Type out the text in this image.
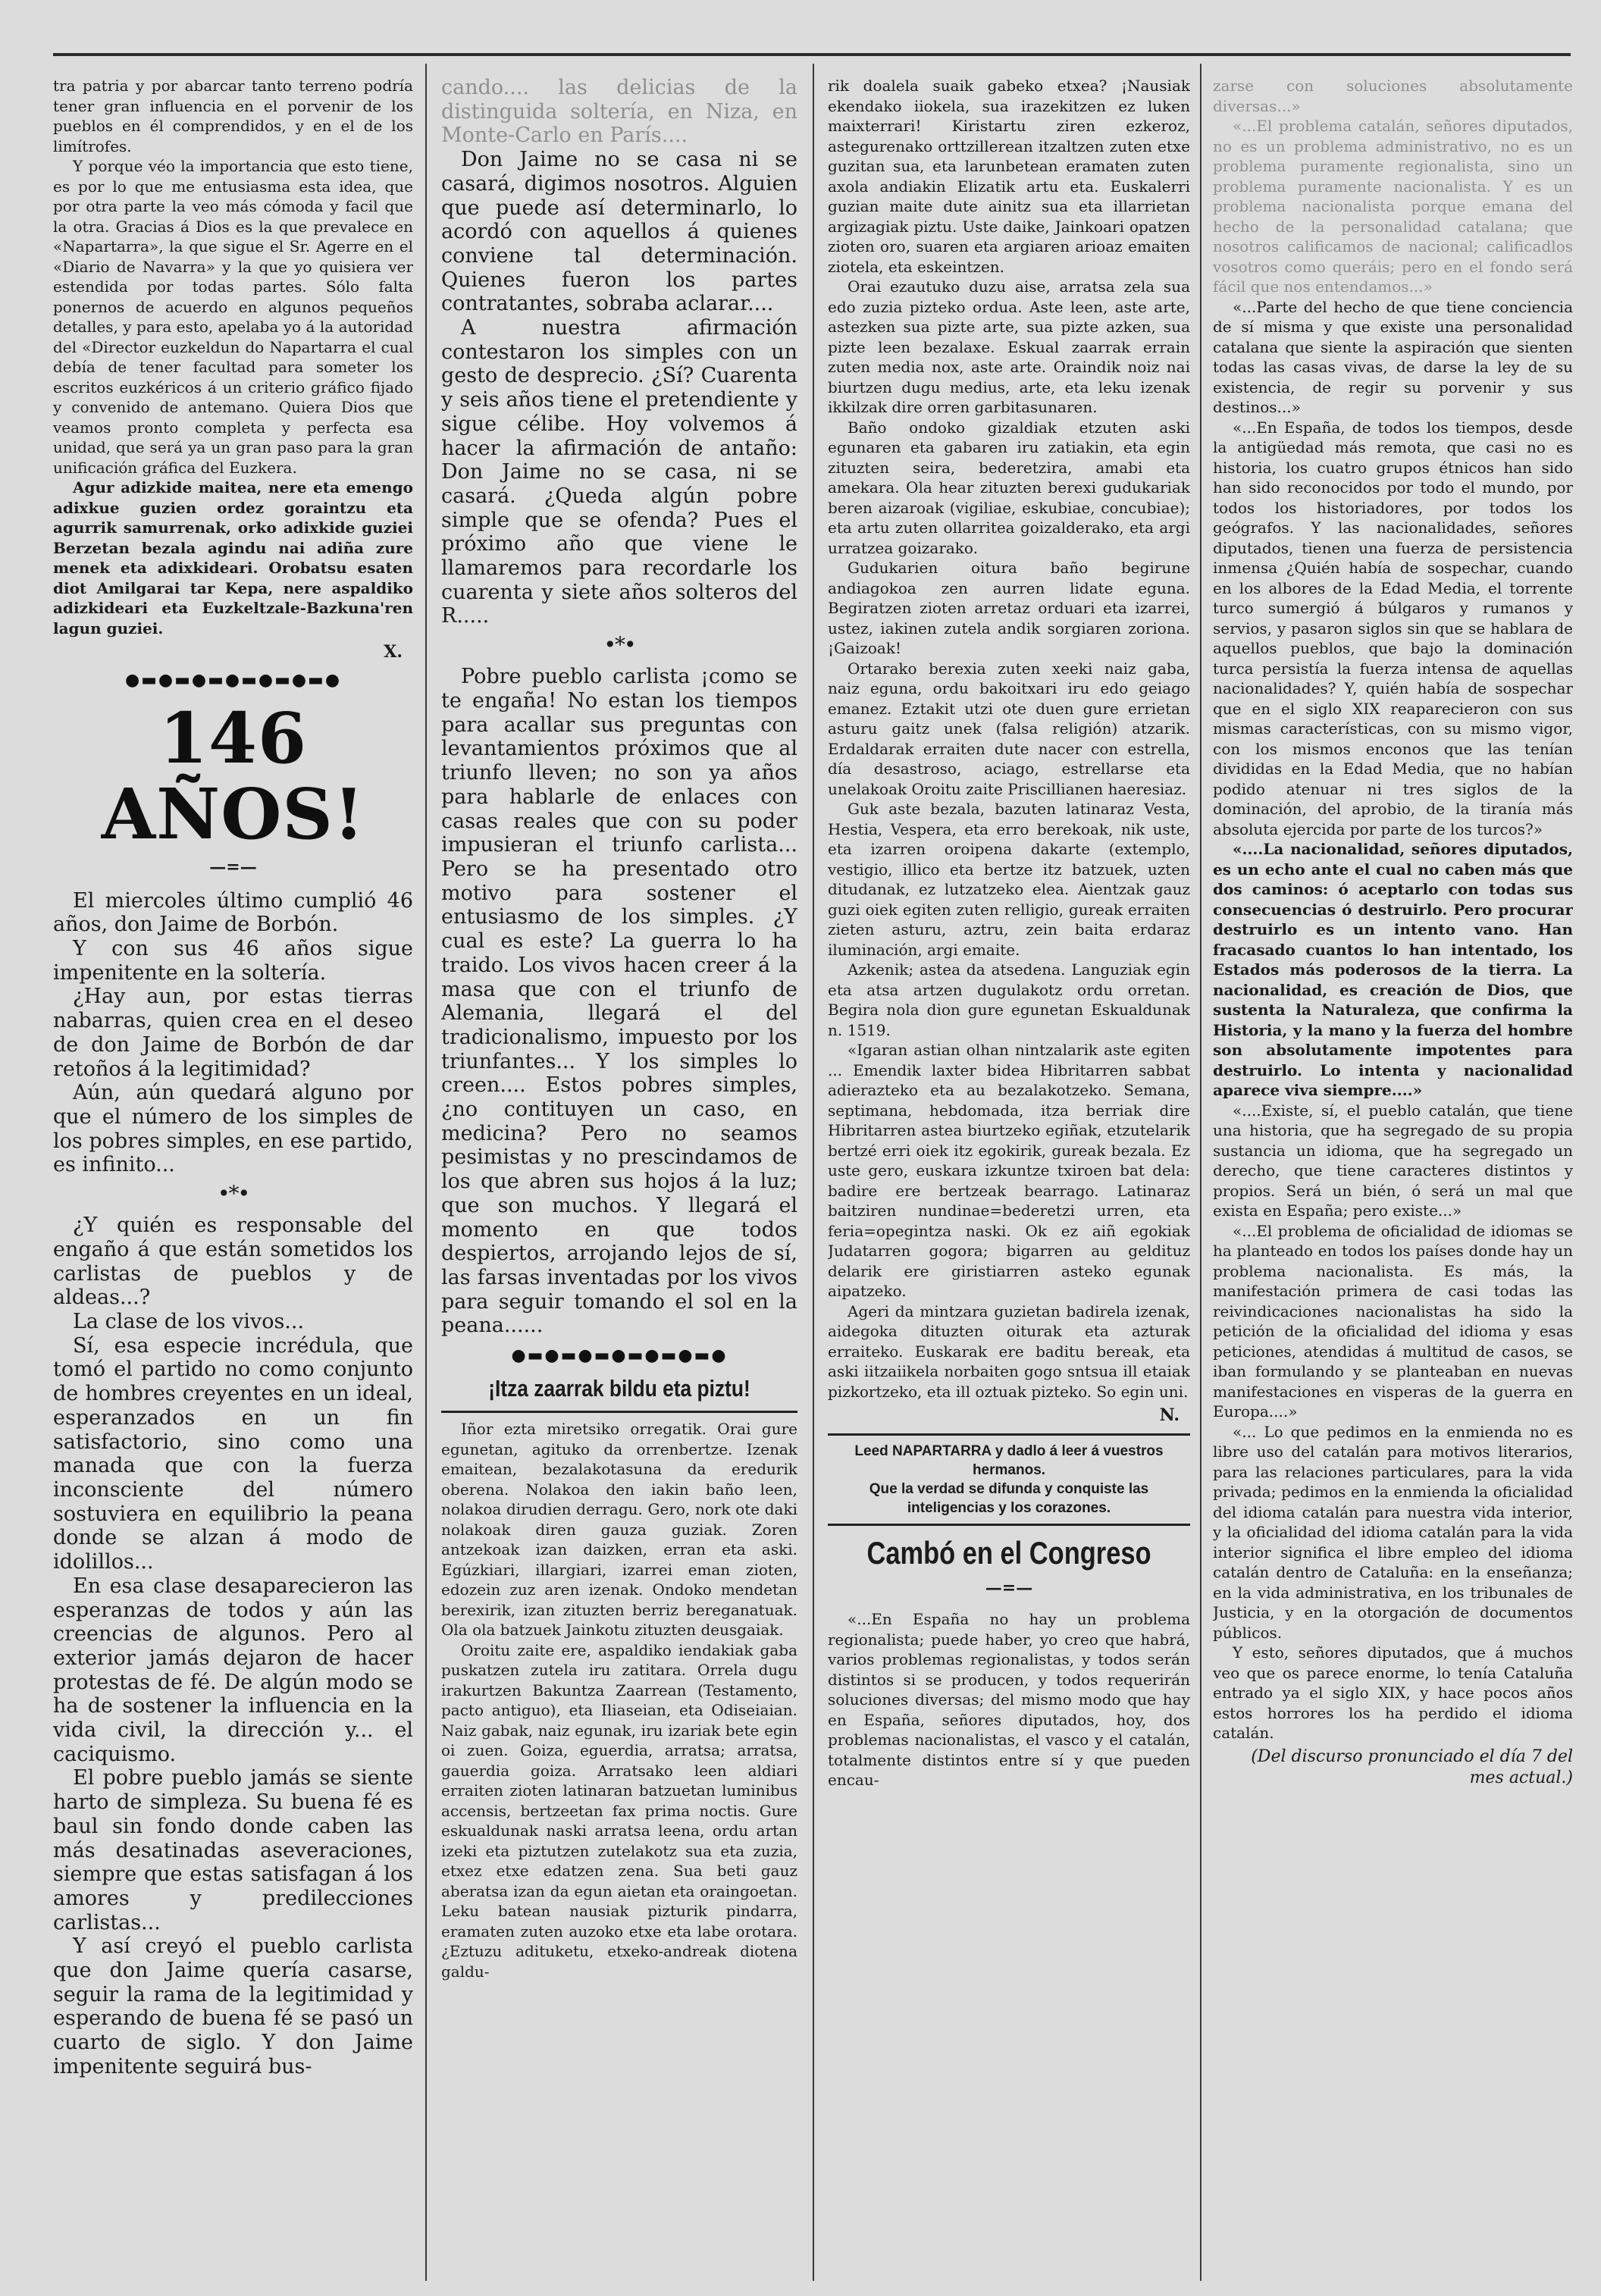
tra patria y por abarcar tanto terreno podría tener gran influencia en el porvenir de los pueblos en él comprendidos, y en el de los limítrofes.

Y porque véo la importancia que esto tiene, es por lo que me entusiasma esta idea, que por otra parte la veo más cómoda y facil que la otra. Gracias á Dios es la que prevalece en «Napartarra», la que sigue el Sr. Agerre en el «Diario de Navarra» y la que yo quisiera ver estendida por todas partes. Sólo falta ponernos de acuerdo en algunos pequeños detalles, y para esto, apelaba yo á la autoridad del «Director euzkeldun do Napartarra el cual debía de tener facultad para someter los escritos euzkéricos á un criterio gráfico fijado y convenido de antemano. Quiera Dios que veamos pronto completa y perfecta esa unidad, que será ya un gran paso para la gran unificación gráfica del Euzkera.

Agur adizkide maitea, nere eta emengo adixkue guzien ordez goraintzu eta agurrik samurrenak, orko adixkide guziei Berzetan bezala agindu nai adiña zure menek eta adixkideari. Orobatsu esaten diot Amilgarai tar Kepa, nere aspaldiko adizkideari eta Euzkeltzale-Bazkuna'ren lagun guziei.

X.
●▬●▬●▬●▬●▬●▬●
146 AÑOS!
—=—

El miercoles último cumplió 46 años, don Jaime de Borbón.

Y con sus 46 años sigue impenitente en la soltería.

¿Hay aun, por estas tierras nabarras, quien crea en el deseo de don Jaime de Borbón de dar retoños á la legitimidad?

Aún, aún quedará alguno por que el número de los simples de los pobres simples, en ese partido, es infinito...

•*•

¿Y quién es responsable del engaño á que están sometidos los carlistas de pueblos y de aldeas...?

La clase de los vivos...

Sí, esa especie incrédula, que tomó el partido no como conjunto de hombres creyentes en un ideal, esperanzados en un fin satisfactorio, sino como una manada que con la fuerza inconsciente del número sostuviera en equilibrio la peana donde se alzan á modo de idolillos...

En esa clase desaparecieron las esperanzas de todos y aún las creencias de algunos. Pero al exterior jamás dejaron de hacer protestas de fé. De algún modo se ha de sostener la influencia en la vida civil, la dirección y... el caciquismo.

El pobre pueblo jamás se siente harto de simpleza. Su buena fé es baul sin fondo donde caben las más desatinadas aseveraciones, siempre que estas satisfagan á los amores y predilecciones carlistas...

Y así creyó el pueblo carlista que don Jaime quería casarse, seguir la rama de la legitimidad y esperando de buena fé se pasó un cuarto de siglo. Y don Jaime impenitente seguirá bus-

cando.... las delicias de la distinguida soltería, en Niza, en Monte-Carlo en París....

Don Jaime no se casa ni se casará, digimos nosotros. Alguien que puede así determinarlo, lo acordó con aquellos á quienes conviene tal determinación. Quienes fueron los partes contratantes, sobraba aclarar....

A nuestra afirmación contestaron los simples con un gesto de desprecio. ¿Sí? Cuarenta y seis años tiene el pretendiente y sigue célibe. Hoy volvemos á hacer la afirmación de antaño: Don Jaime no se casa, ni se casará. ¿Queda algún pobre simple que se ofenda? Pues el próximo año que viene le llamaremos para recordarle los cuarenta y siete años solteros del R.....

•*•

Pobre pueblo carlista ¡como se te engaña! No estan los tiempos para acallar sus preguntas con levantamientos próximos que al triunfo lleven; no son ya años para hablarle de enlaces con casas reales que con su poder impusieran el triunfo carlista... Pero se ha presentado otro motivo para sostener el entusiasmo de los simples. ¿Y cual es este? La guerra lo ha traido. Los vivos hacen creer á la masa que con el triunfo de Alemania, llegará el del tradicionalismo, impuesto por los triunfantes... Y los simples lo creen.... Estos pobres simples, ¿no contituyen un caso, en medicina? Pero no seamos pesimistas y no prescindamos de los que abren sus hojos á la luz; que son muchos. Y llegará el momento en que todos despiertos, arrojando lejos de sí, las farsas inventadas por los vivos para seguir tomando el sol en la peana......

●▬●▬●▬●▬●▬●▬●
¡Itza zaarrak bildu eta piztu!

Iñor ezta miretsiko orregatik. Orai gure egunetan, agituko da orrenbertze. Izenak emaitean, bezalakotasuna da eredurik oberena. Nolakoa den iakin baño leen, nolakoa dirudien derragu. Gero, nork ote daki nolakoak diren gauza guziak. Zoren antzekoak izan daizken, erran eta aski. Egúzkiari, illargiari, izarrei eman zioten, edozein zuz aren izenak. Ondoko mendetan berexirik, izan zituzten berriz bereganatuak. Ola ola batzuek Jainkotu zituzten deusgaiak.

Oroitu zaite ere, aspaldiko iendakiak gaba puskatzen zutela iru zatitara. Orrela dugu irakurtzen Bakuntza Zaarrean (Testamento, pacto antiguo), eta Iliaseian, eta Odiseiaian. Naiz gabak, naiz egunak, iru izariak bete egin oi zuen. Goiza, eguerdia, arratsa; arratsa, gauerdia goiza. Arratsako leen aldiari erraiten zioten latinaran batzuetan luminibus accensis, bertzeetan fax prima noctis. Gure eskualdunak naski arratsa leena, ordu artan izeki eta piztutzen zutelakotz sua eta zuzia, etxez etxe edatzen zena. Sua beti gauz aberatsa izan da egun aietan eta oraingoetan. Leku batean nausiak pizturik pindarra, eramaten zuten auzoko etxe eta labe orotara. ¿Eztuzu adituketu, etxeko-andreak diotena galdu-

rik doalela suaik gabeko etxea? ¡Nausiak ekendako iiokela, sua irazekitzen ez luken maixterrari! Kiristartu ziren ezkeroz, astegurenako orttzillerean itzaltzen zuten etxe guzitan sua, eta larunbetean eramaten zuten axola andiakin Elizatik artu eta. Euskalerri guzian maite dute ainitz sua eta illarrietan argizagiak piztu. Uste daike, Jainkoari opatzen zioten oro, suaren eta argiaren arioaz emaiten ziotela, eta eskeintzen.

Orai ezautuko duzu aise, arratsa zela sua edo zuzia pizteko ordua. Aste leen, aste arte, astezken sua pizte arte, sua pizte azken, sua pizte leen bezalaxe. Eskual zaarrak errain zuten media nox, aste arte. Oraindik noiz nai biurtzen dugu medius, arte, eta leku izenak ikkilzak dire orren garbitasunaren.

Baño ondoko gizaldiak etzuten aski egunaren eta gabaren iru zatiakin, eta egin zituzten seira, bederetzira, amabi eta amekara. Ola hear zituzten berexi gudukariak beren aizaroak (vigiliae, eskubiae, concubiae); eta artu zuten ollarritea goizalderako, eta argi urratzea goizarako.

Gudukarien oitura baño begirune andiagokoa zen aurren lidate eguna. Begiratzen zioten arretaz orduari eta izarrei, ustez, iakinen zutela andik sorgiaren zoriona. ¡Gaizoak!

Ortarako berexia zuten xeeki naiz gaba, naiz eguna, ordu bakoitxari iru edo geiago emanez. Eztakit utzi ote duen gure errietan asturu gaitz unek (falsa religión) atzarik. Erdaldarak erraiten dute nacer con estrella, día desastroso, aciago, estrellarse eta unelakoak Oroitu zaite Priscillianen haeresiaz.

Guk aste bezala, bazuten latinaraz Vesta, Hestia, Vespera, eta erro berekoak, nik uste, eta izarren oroipena dakarte (extemplo, vestigio, illico eta bertze itz batzuek, uzten ditudanak, ez lutzatzeko elea. Aientzak gauz guzi oiek egiten zuten relligio, gureak erraiten zieten asturu, aztru, zein baita erdaraz iluminación, argi emaite.

Azkenik; astea da atsedena. Languziak egin eta atsa artzen dugulakotz ordu orretan. Begira nola dion gure egunetan Eskualdunak n. 1519.

«Igaran astian olhan nintzalarik aste egiten ... Emendik laxter bidea Hibritarren sabbat adierazteko eta au bezalakotzeko. Semana, septimana, hebdomada, itza berriak dire Hibritarren astea biurtzeko egiñak, etzutelarik bertzé erri oiek itz egokirik, gureak bezala. Ez uste gero, euskara izkuntze txiroen bat dela: badire ere bertzeak bearrago. Latinaraz baitziren nundinae=bederetzi urren, eta feria=opegintza naski. Ok ez aiñ egokiak Judatarren gogora; bigarren au geldituz delarik ere giristiarren asteko egunak aipatzeko.

Ageri da mintzara guzietan badirela izenak, aidegoka dituzten oiturak eta azturak erraiteko. Euskarak ere baditu bereak, eta aski iitzaiikela norbaiten gogo sntsua ill etaiak pizkortzeko, eta ill oztuak pizteko. So egin uni.

N.

Leed NAPARTARRA y dadlo á leer á vuestros hermanos.

Que la verdad se difunda y conquiste las inteligencias y los corazones.

Cambó en el Congreso
—=—

«...En España no hay un problema regionalista; puede haber, yo creo que habrá, varios problemas regionalistas, y todos serán distintos si se producen, y todos requerirán soluciones diversas; del mismo modo que hay en España, señores diputados, hoy, dos problemas nacionalistas, el vasco y el catalán, totalmente distintos entre sí y que pueden encau-

zarse con soluciones absolutamente diversas...»

«...El problema catalán, señores diputados, no es un problema administrativo, no es un problema puramente regionalista, sino un problema puramente nacionalista. Y es un problema nacionalista porque emana del hecho de la personalidad catalana; que nosotros calificamos de nacional; calificadlos vosotros como queráis; pero en el fondo será fácil que nos entendamos...»

«...Parte del hecho de que tiene conciencia de sí misma y que existe una personalidad catalana que siente la aspiración que sienten todas las casas vivas, de darse la ley de su existencia, de regir su porvenir y sus destinos...»

«...En España, de todos los tiempos, desde la antigüedad más remota, que casi no es historia, los cuatro grupos étnicos han sido han sido reconocidos por todo el mundo, por todos los historiadores, por todos los geógrafos. Y las nacionalidades, señores diputados, tienen una fuerza de persistencia inmensa ¿Quién había de sospechar, cuando en los albores de la Edad Media, el torrente turco sumergió á búlgaros y rumanos y servios, y pasaron siglos sin que se hablara de aquellos pueblos, que bajo la dominación turca persistía la fuerza intensa de aquellas nacionalidades? Y, quién había de sospechar que en el siglo XIX reaparecieron con sus mismas características, con su mismo vigor, con los mismos enconos que las tenían divididas en la Edad Media, que no habían podido atenuar ni tres siglos de la dominación, del aprobio, de la tiranía más absoluta ejercida por parte de los turcos?»

«....La nacionalidad, señores diputados, es un echo ante el cual no caben más que dos caminos: ó aceptarlo con todas sus consecuencias ó destruirlo. Pero procurar destruirlo es un intento vano. Han fracasado cuantos lo han intentado, los Estados más poderosos de la tierra. La nacionalidad, es creación de Dios, que sustenta la Naturaleza, que confirma la Historia, y la mano y la fuerza del hombre son absolutamente impotentes para destruirlo. Lo intenta y nacionalidad aparece viva siempre....»

«....Existe, sí, el pueblo catalán, que tiene una historia, que ha segregado de su propia sustancia un idioma, que ha segregado un derecho, que tiene caracteres distintos y propios. Será un bién, ó será un mal que exista en España; pero existe...»

«...El problema de oficialidad de idiomas se ha planteado en todos los países donde hay un problema nacionalista. Es más, la manifestación primera de casi todas las reivindicaciones nacionalistas ha sido la petición de la oficialidad del idioma y esas peticiones, atendidas á multitud de casos, se iban formulando y se planteaban en nuevas manifestaciones en visperas de la guerra en Europa....»

«... Lo que pedimos en la enmienda no es libre uso del catalán para motivos literarios, para las relaciones particulares, para la vida privada; pedimos en la enmienda la oficialidad del idioma catalán para nuestra vida interior, y la oficialidad del idioma catalán para la vida interior significa el libre empleo del idioma catalán dentro de Cataluña: en la enseñanza; en la vida administrativa, en los tribunales de Justicia, y en la otorgación de documentos públicos.

Y esto, señores diputados, que á muchos veo que os parece enorme, lo tenía Cataluña entrado ya el siglo XIX, y hace pocos años estos horrores los ha perdido el idioma catalán.

(Del discurso pronunciado el día 7 del mes actual.)
